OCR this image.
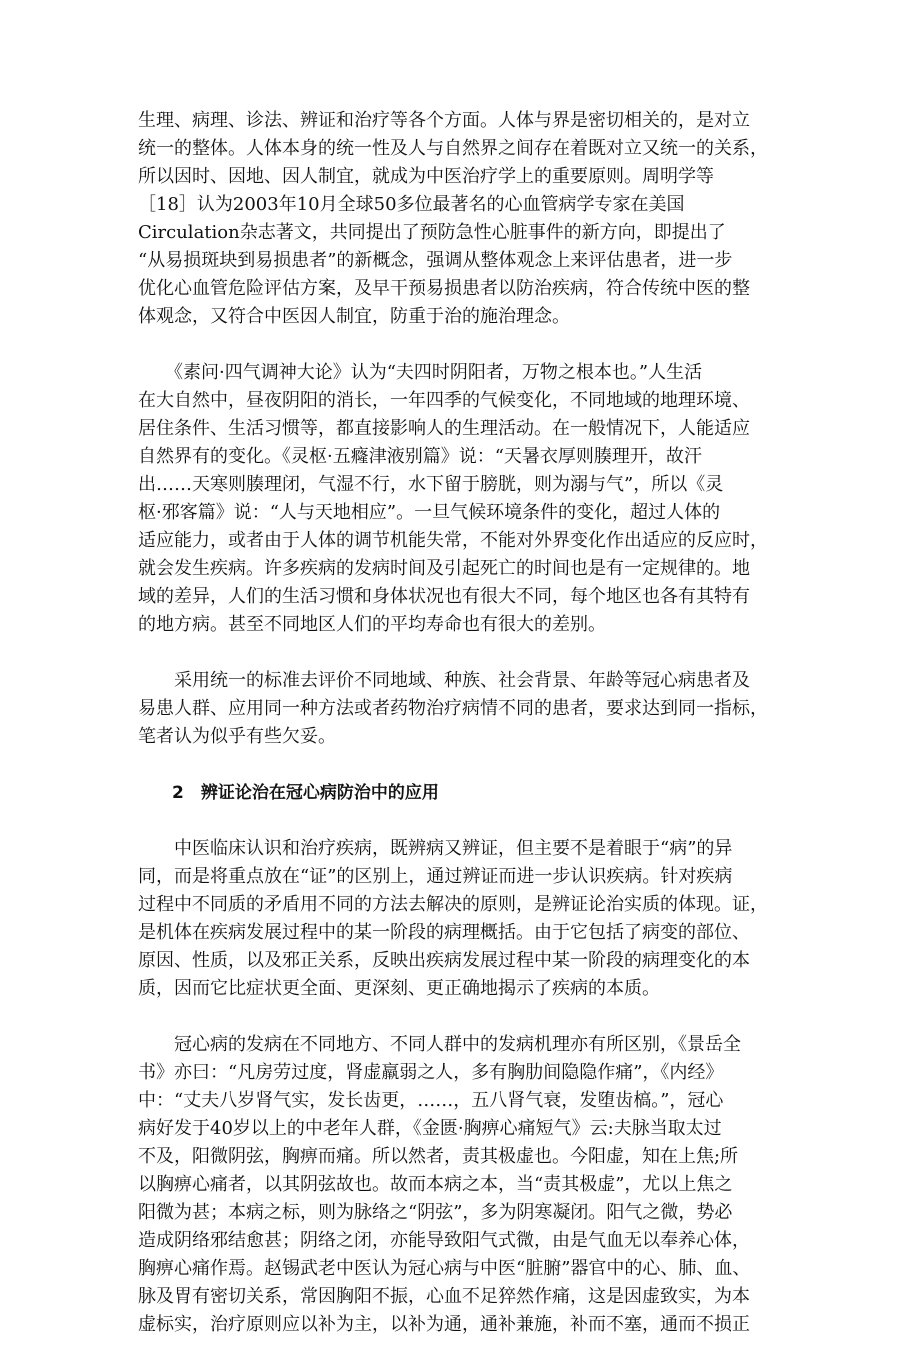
生理、病理、诊法、辨证和治疗等各个方面。人体与界是密切相关的，是对立
统一的整体。人体本身的统一性及人与自然界之间存在着既对立又统一的关系，
所以因时、因地、因人制宜，就成为中医治疗学上的重要原则。周明学等
［18］认为2003年10月全球50多位最著名的心血管病学专家在美国
Circulation杂志著文，共同提出了预防急性心脏事件的新方向，即提出了
“从易损斑块到易损患者”的新概念，强调从整体观念上来评估患者，进一步
优化心血管危险评估方案，及早干预易损患者以防治疾病，符合传统中医的整
体观念，又符合中医因人制宜，防重于治的施治理念。
　　《素问·四气调神大论》认为“夫四时阴阳者，万物之根本也。”人生活
在大自然中，昼夜阴阳的消长，一年四季的气候变化，不同地域的地理环境、
居住条件、生活习惯等，都直接影响人的生理活动。在一般情况下，人能适应
自然界有的变化。《灵枢·五癃津液别篇》说：“天暑衣厚则腠理开，故汗
出……天寒则腠理闭，气湿不行，水下留于膀胱，则为溺与气”，所以《灵
枢·邪客篇》说：“人与天地相应”。一旦气候环境条件的变化，超过人体的
适应能力，或者由于人体的调节机能失常，不能对外界变化作出适应的反应时，
就会发生疾病。许多疾病的发病时间及引起死亡的时间也是有一定规律的。地
域的差异，人们的生活习惯和身体状况也有很大不同，每个地区也各有其特有
的地方病。甚至不同地区人们的平均寿命也有很大的差别。
　　采用统一的标准去评价不同地域、种族、社会背景、年龄等冠心病患者及
易患人群、应用同一种方法或者药物治疗病情不同的患者，要求达到同一指标，
笔者认为似乎有些欠妥。
　　2　辨证论治在冠心病防治中的应用
　　中医临床认识和治疗疾病，既辨病又辨证，但主要不是着眼于“病”的异
同，而是将重点放在“证”的区别上，通过辨证而进一步认识疾病。针对疾病
过程中不同质的矛盾用不同的方法去解决的原则，是辨证论治实质的体现。证，
是机体在疾病发展过程中的某一阶段的病理概括。由于它包括了病变的部位、
原因、性质，以及邪正关系，反映出疾病发展过程中某一阶段的病理变化的本
质，因而它比症状更全面、更深刻、更正确地揭示了疾病的本质。
　　冠心病的发病在不同地方、不同人群中的发病机理亦有所区别，《景岳全
书》亦曰：“凡房劳过度，肾虚羸弱之人，多有胸肋间隐隐作痛”，《内经》
中：“丈夫八岁肾气实，发长齿更，……，五八肾气衰，发堕齿槁。”，冠心
病好发于40岁以上的中老年人群，《金匮·胸痹心痛短气》云:夫脉当取太过
不及，阳微阴弦，胸痹而痛。所以然者，责其极虚也。今阳虚，知在上焦;所
以胸痹心痛者，以其阴弦故也。故而本病之本，当“责其极虚”，尤以上焦之
阳微为甚；本病之标，则为脉络之“阴弦”，多为阴寒凝闭。阳气之微，势必
造成阴络邪结愈甚；阴络之闭，亦能导致阳气式微，由是气血无以奉养心体，
胸痹心痛作焉。赵锡武老中医认为冠心病与中医“脏腑”器官中的心、肺、血、
脉及胃有密切关系，常因胸阳不振，心血不足猝然作痛，这是因虚致实，为本
虚标实，治疗原则应以补为主，以补为通，通补兼施，补而不塞，通而不损正
